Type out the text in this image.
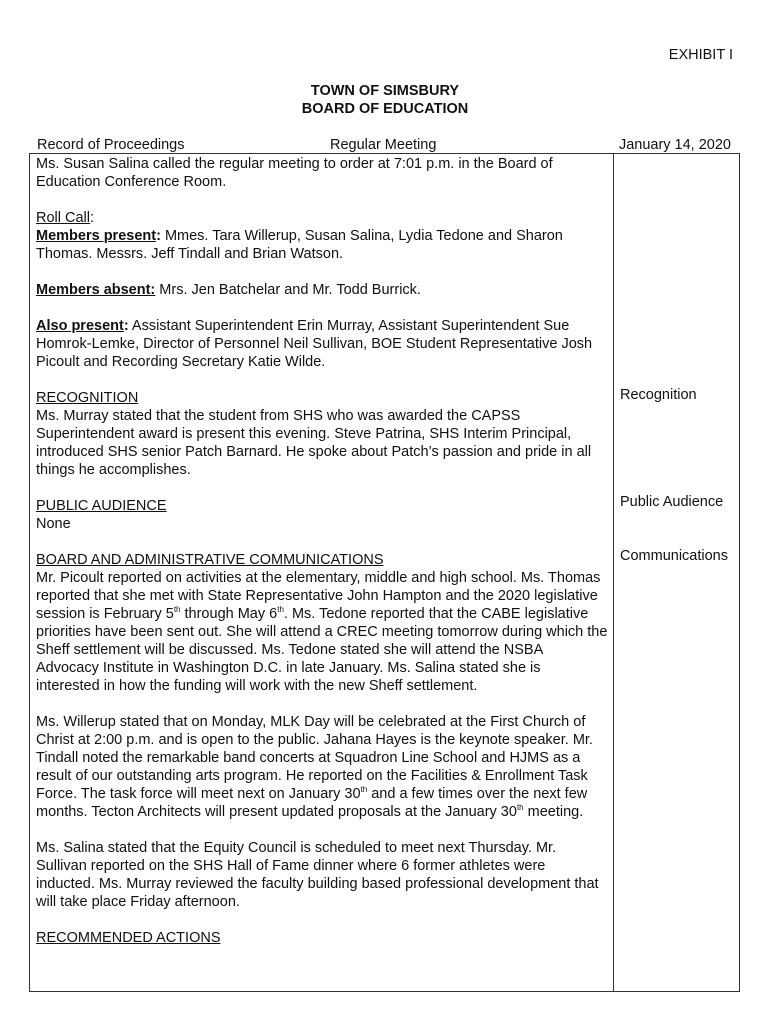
EXHIBIT I
TOWN OF SIMSBURY
BOARD OF EDUCATION
Record of Proceedings	Regular Meeting	January 14, 2020

Ms. Susan Salina called the regular meeting to order at 7:01 p.m. in the Board of Education Conference Room.

Roll Call:

Members present: Mmes. Tara Willerup, Susan Salina, Lydia Tedone and Sharon Thomas. Messrs. Jeff Tindall and Brian Watson.

Members absent: Mrs. Jen Batchelar and Mr. Todd Burrick.

Also present: Assistant Superintendent Erin Murray, Assistant Superintendent Sue Homrok-Lemke, Director of Personnel Neil Sullivan, BOE Student Representative Josh Picoult and Recording Secretary Katie Wilde.

RECOGNITION

Ms. Murray stated that the student from SHS who was awarded the CAPSS Superintendent award is present this evening. Steve Patrina, SHS Interim Principal, introduced SHS senior Patch Barnard. He spoke about Patch’s passion and pride in all things he accomplishes.

PUBLIC AUDIENCE

None

BOARD AND ADMINISTRATIVE COMMUNICATIONS

Mr. Picoult reported on activities at the elementary, middle and high school. Ms. Thomas reported that she met with State Representative John Hampton and the 2020 legislative session is February 5th through May 6th. Ms. Tedone reported that the CABE legislative priorities have been sent out. She will attend a CREC meeting tomorrow during which the Sheff settlement will be discussed. Ms. Tedone stated she will attend the NSBA Advocacy Institute in Washington D.C. in late January. Ms. Salina stated she is interested in how the funding will work with the new Sheff settlement.

Ms. Willerup stated that on Monday, MLK Day will be celebrated at the First Church of Christ at 2:00 p.m. and is open to the public. Jahana Hayes is the keynote speaker. Mr. Tindall noted the remarkable band concerts at Squadron Line School and HJMS as a result of our outstanding arts program. He reported on the Facilities & Enrollment Task Force. The task force will meet next on January 30th and a few times over the next few months. Tecton Architects will present updated proposals at the January 30th meeting.

Ms. Salina stated that the Equity Council is scheduled to meet next Thursday. Mr. Sullivan reported on the SHS Hall of Fame dinner where 6 former athletes were inducted. Ms. Murray reviewed the faculty building based professional development that will take place Friday afternoon.

RECOMMENDED ACTIONS

Recognition
Public Audience
Communications
